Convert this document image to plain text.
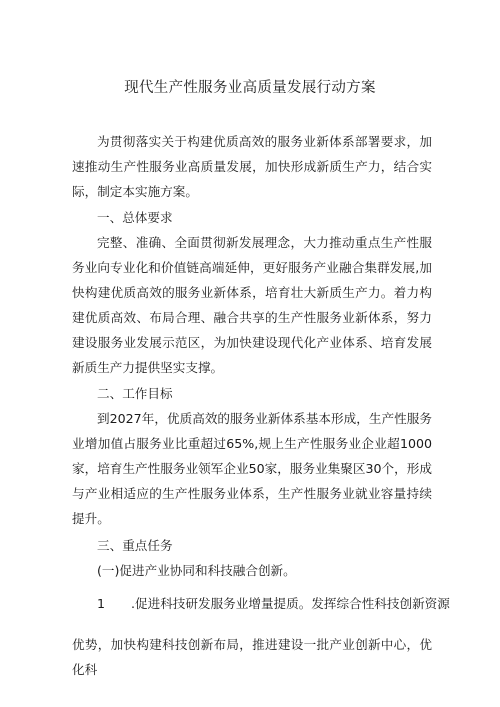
现代生产性服务业高质量发展行动方案

为贯彻落实关于构建优质高效的服务业新体系部署要求，加速推动生产性服务业高质量发展，加快形成新质生产力，结合实际，制定本实施方案。

一、总体要求

完整、准确、全面贯彻新发展理念，大力推动重点生产性服务业向专业化和价值链高端延伸，更好服务产业融合集群发展,加快构建优质高效的服务业新体系，培育壮大新质生产力。着力构建优质高效、布局合理、融合共享的生产性服务业新体系，努力建设服务业发展示范区，为加快建设现代化产业体系、培育发展新质生产力提供坚实支撑。

二、工作目标

到2027年，优质高效的服务业新体系基本形成，生产性服务业增加值占服务业比重超过65%,规上生产性服务业企业超1000家，培育生产性服务业领军企业50家，服务业集聚区30个，形成与产业相适应的生产性服务业体系，生产性服务业就业容量持续提升。

三、重点任务

(一)促进产业协同和科技融合创新。

1 .促进科技研发服务业增量提质。发挥综合性科技创新资源

优势，加快构建科技创新布局，推进建设一批产业创新中心，优化科
